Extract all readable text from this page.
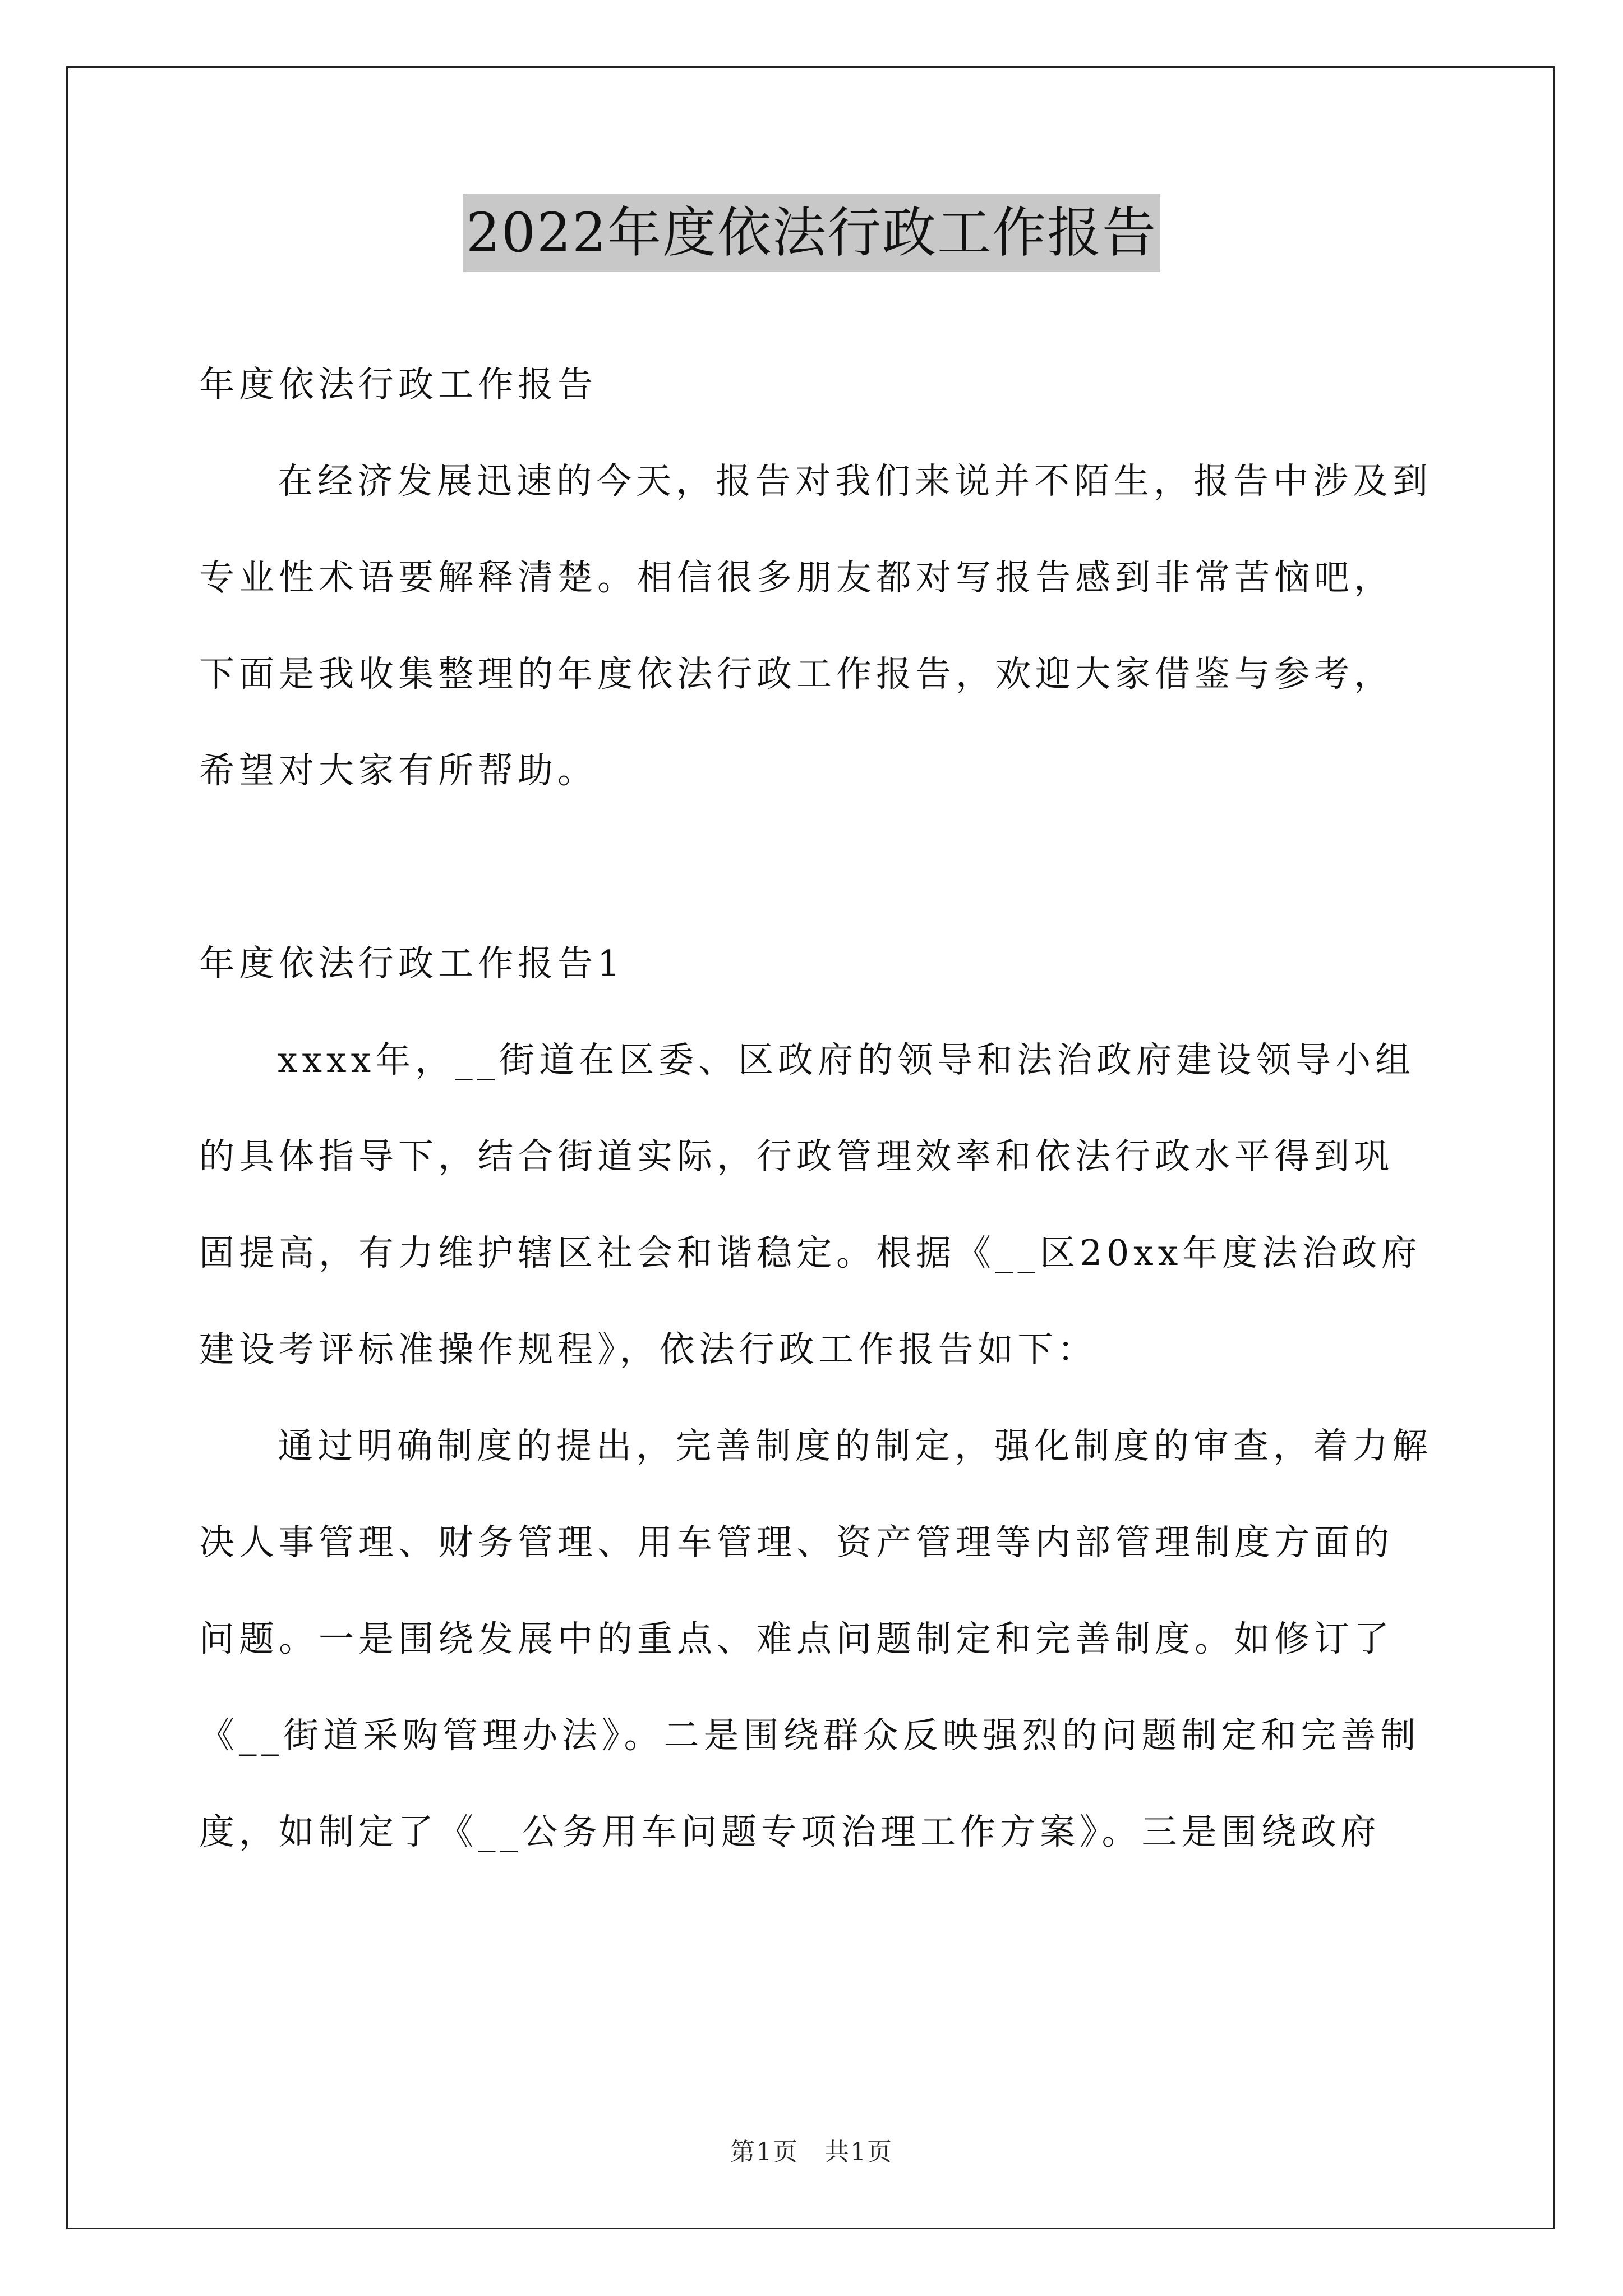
2022年度依法行政工作报告

年度依法行政工作报告

在经济发展迅速的今天，报告对我们来说并不陌生，报告中涉及到专业性术语要解释清楚。相信很多朋友都对写报告感到非常苦恼吧，下面是我收集整理的年度依法行政工作报告，欢迎大家借鉴与参考，希望对大家有所帮助。

年度依法行政工作报告1

xxxx年，__街道在区委、区政府的领导和法治政府建设领导小组的具体指导下，结合街道实际，行政管理效率和依法行政水平得到巩固提高，有力维护辖区社会和谐稳定。根据《__区20xx年度法治政府建设考评标准操作规程》，依法行政工作报告如下：

通过明确制度的提出，完善制度的制定，强化制度的审查，着力解决人事管理、财务管理、用车管理、资产管理等内部管理制度方面的问题。一是围绕发展中的重点、难点问题制定和完善制度。如修订了《__街道采购管理办法》。二是围绕群众反映强烈的问题制定和完善制度，如制定了《__公务用车问题专项治理工作方案》。三是围绕政府

第1页　共1页
